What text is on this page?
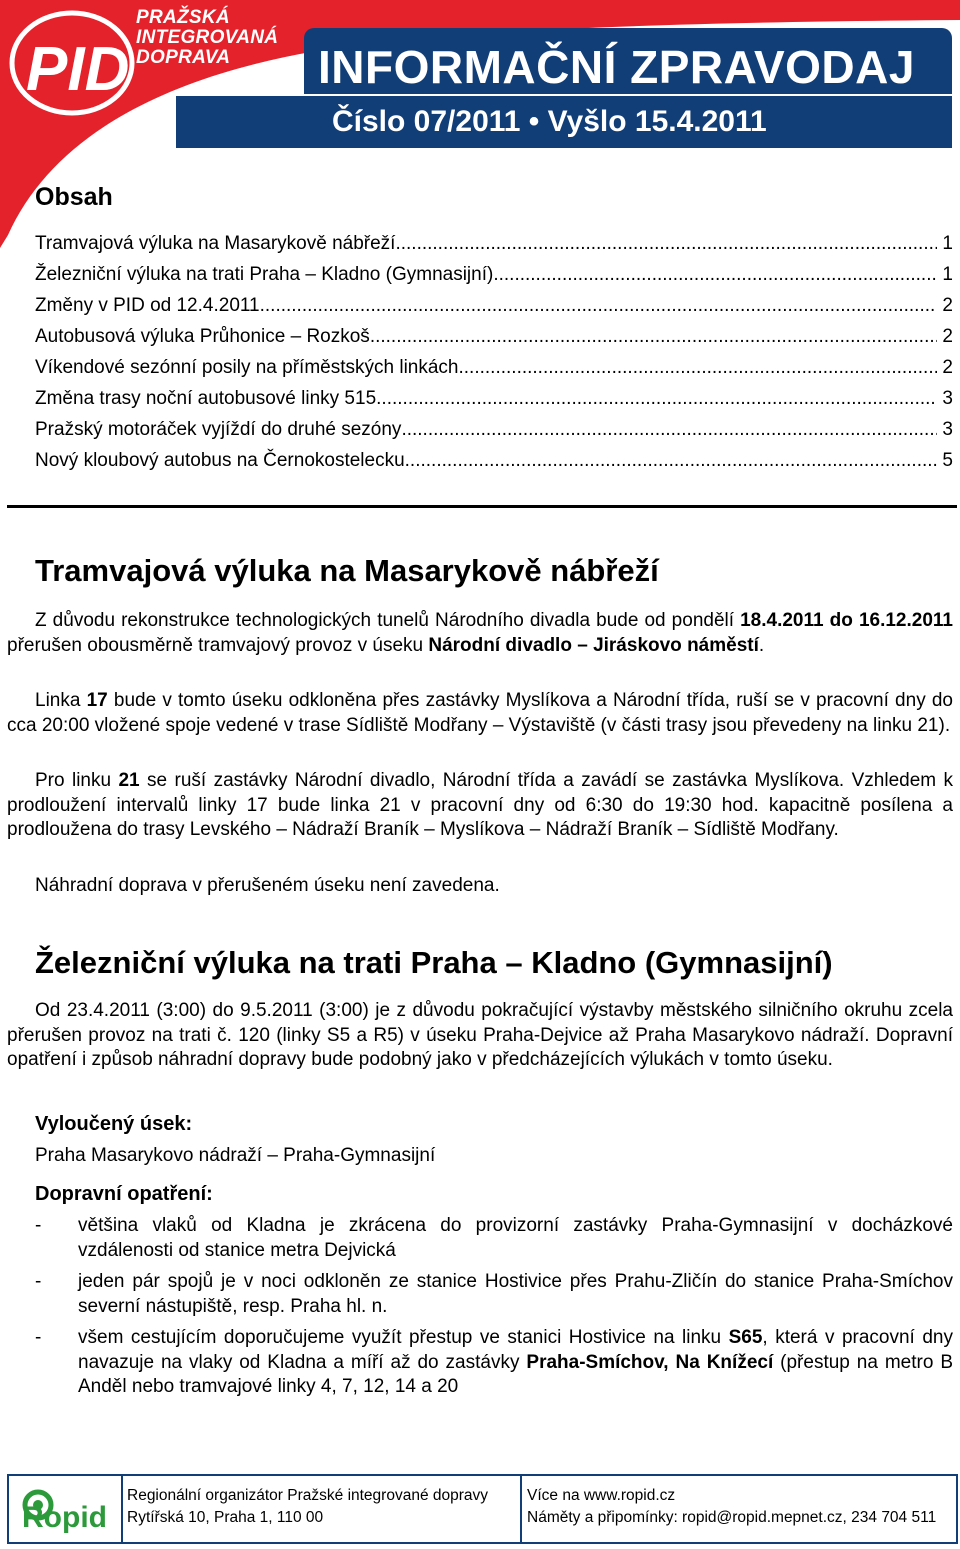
PID
PRAŽSKÁ
INTEGROVANÁ
DOPRAVA	INFORMAČNÍ ZPRAVODAJ
Číslo 07/2011 • Vyšlo 15.4.2011
Obsah
Tramvajová výluka na Masarykově nábřeží .....	1
Železniční výluka na trati Praha – Kladno (Gymnasijní) .....	1
Změny v PID od 12.4.2011 .....	2
Autobusová výluka Průhonice – Rozkoš .....	2
Víkendové sezónní posily na příměstských linkách .....	2
Změna trasy noční autobusové linky 515 .....	3
Pražský motoráček vyjíždí do druhé sezóny .....	3
Nový kloubový autobus na Černokostelecku .....	5
Tramvajová výluka na Masarykově nábřeží
Z důvodu rekonstrukce technologických tunelů Národního divadla bude od pondělí 18.4.2011 do 16.12.2011 přerušen obousměrně tramvajový provoz v úseku Národní divadlo – Jiráskovo náměstí.
Linka 17 bude v tomto úseku odkloněna přes zastávky Myslíkova a Národní třída, ruší se v pracovní dny do cca 20:00 vložené spoje vedené v trase Sídliště Modřany – Výstaviště (v části trasy jsou převedeny na linku 21).
Pro linku 21 se ruší zastávky Národní divadlo, Národní třída a zavádí se zastávka Myslíkova. Vzhledem k prodloužení intervalů linky 17 bude linka 21 v pracovní dny od 6:30 do 19:30 hod. kapacitně posílena a prodloužena do trasy Levského – Nádraží Braník – Myslíkova – Nádraží Braník – Sídliště Modřany.
Náhradní doprava v přerušeném úseku není zavedena.
Železniční výluka na trati Praha – Kladno (Gymnasijní)
Od 23.4.2011 (3:00) do 9.5.2011 (3:00) je z důvodu pokračující výstavby městského silničního okruhu zcela přerušen provoz na trati č. 120 (linky S5 a R5) v úseku Praha-Dejvice až Praha Masarykovo nádraží. Dopravní opatření i způsob náhradní dopravy bude podobný jako v předcházejících výlukách v tomto úseku.
Vyloučený úsek:
Praha Masarykovo nádraží – Praha-Gymnasijní
Dopravní opatření:
- většina vlaků od Kladna je zkrácena do provizorní zastávky Praha-Gymnasijní v docházkové vzdálenosti od stanice metra Dejvická
- jeden pár spojů je v noci odkloněn ze stanice Hostivice přes Prahu-Zličín do stanice Praha-Smíchov severní nástupiště, resp. Praha hl. n.
- všem cestujícím doporučujeme využít přestup ve stanici Hostivice na linku S65, která v pracovní dny navazuje na vlaky od Kladna a míří až do zastávky Praha-Smíchov, Na Knížecí (přestup na metro B Anděl nebo tramvajové linky 4, 7, 12, 14 a 20
Ropid
Regionální organizátor Pražské integrované dopravy
Rytířská 10, Praha 1, 110 00
Více na www.ropid.cz
Náměty a připomínky: ropid@ropid.mepnet.cz, 234 704 511
